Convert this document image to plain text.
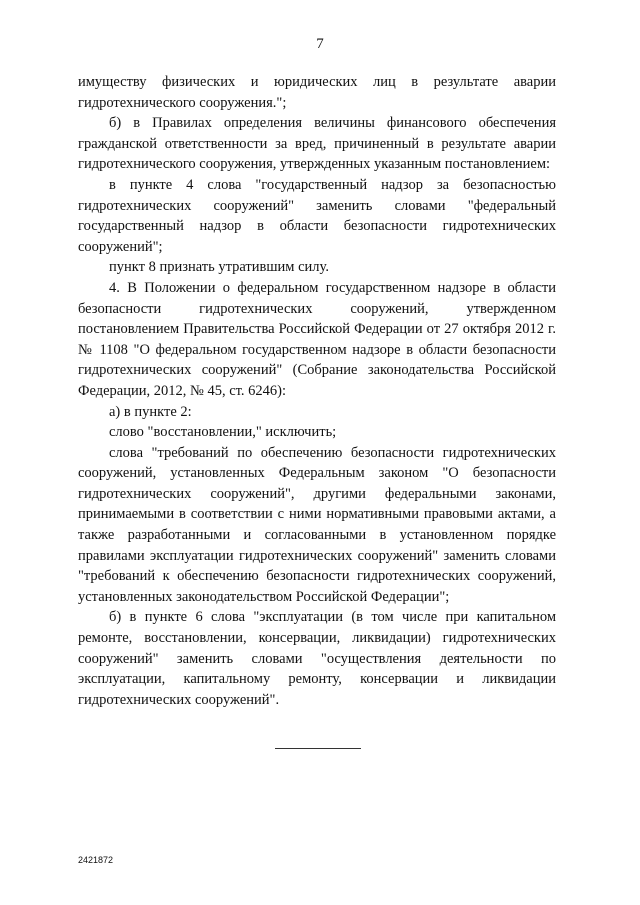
7

имуществу физических и юридических лиц в результате аварии гидротехнического сооружения.";

б) в Правилах определения величины финансового обеспечения гражданской ответственности за вред, причиненный в результате аварии гидротехнического сооружения, утвержденных указанным постановлением:

в пункте 4 слова "государственный надзор за безопасностью гидротехнических сооружений" заменить словами "федеральный государственный надзор в области безопасности гидротехнических сооружений";

пункт 8 признать утратившим силу.

4. В Положении о федеральном государственном надзоре в области безопасности гидротехнических сооружений, утвержденном постановлением Правительства Российской Федерации от 27 октября 2012 г. № 1108 "О федеральном государственном надзоре в области безопасности гидротехнических сооружений" (Собрание законодательства Российской Федерации, 2012, № 45, ст. 6246):

а) в пункте 2:

слово "восстановлении," исключить;

слова "требований по обеспечению безопасности гидротехнических сооружений, установленных Федеральным законом "О безопасности гидротехнических сооружений", другими федеральными законами, принимаемыми в соответствии с ними нормативными правовыми актами, а также разработанными и согласованными в установленном порядке правилами эксплуатации гидротехнических сооружений" заменить словами "требований к обеспечению безопасности гидротехнических сооружений, установленных законодательством Российской Федерации";

б) в пункте 6 слова "эксплуатации (в том числе при капитальном ремонте, восстановлении, консервации, ликвидации) гидротехнических сооружений" заменить словами "осуществления деятельности по эксплуатации, капитальному ремонту, консервации и ликвидации гидротехнических сооружений".

2421872
